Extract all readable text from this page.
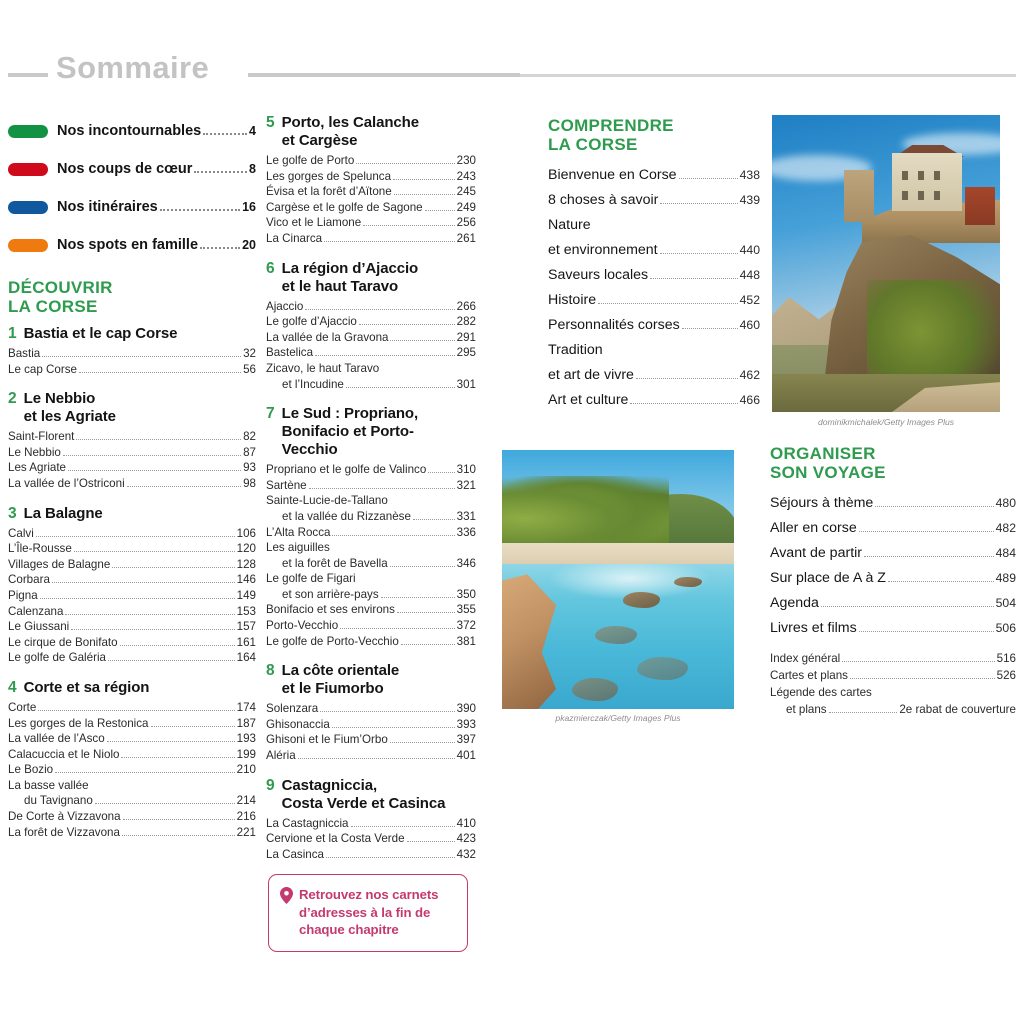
Sommaire
Nos incontournables	4
Nos coups de cœur	8
Nos itinéraires	16
Nos spots en famille	20
DÉCOUVRIR
LA CORSE
1 Bastia et le cap Corse
Bastia	32
Le cap Corse	56
2 Le Nebbio
et les Agriate
Saint-Florent	82
Le Nebbio	87
Les Agriate	93
La vallée de l’Ostriconi	98
3 La Balagne
Calvi	106
L’Île-Rousse	120
Villages de Balagne	128
Corbara	146
Pigna	149
Calenzana	153
Le Giussani	157
Le cirque de Bonifato	161
Le golfe de Galéria	164
4 Corte et sa région
Corte	174
Les gorges de la Restonica	187
La vallée de l’Asco	193
Calacuccia et le Niolo	199
Le Bozio	210
La basse vallée
du Tavignano	214
De Corte à Vizzavona	216
La forêt de Vizzavona	221
5 Porto, les Calanche
et Cargèse
Le golfe de Porto	230
Les gorges de Spelunca	243
Évisa et la forêt d’Aïtone	245
Cargèse et le golfe de Sagone	249
Vico et le Liamone	256
La Cinarca	261
6 La région d’Ajaccio
et le haut Taravo
Ajaccio	266
Le golfe d’Ajaccio	282
La vallée de la Gravona	291
Bastelica	295
Zicavo, le haut Taravo
et l’Incudine	301
7 Le Sud : Propriano,
Bonifacio et Porto-
Vecchio
Propriano et le golfe de Valinco	310
Sartène	321
Sainte-Lucie-de-Tallano
et la vallée du Rizzanèse	331
L’Alta Rocca	336
Les aiguilles
et la forêt de Bavella	346
Le golfe de Figari
et son arrière-pays	350
Bonifacio et ses environs	355
Porto-Vecchio	372
Le golfe de Porto-Vecchio	381
8 La côte orientale
et le Fiumorbo
Solenzara	390
Ghisonaccia	393
Ghisoni et le Fium’Orbo	397
Aléria	401
9 Castagniccia,
Costa Verde et Casinca
La Castagniccia	410
Cervione et la Costa Verde	423
La Casinca	432
COMPRENDRE
LA CORSE
Bienvenue en Corse	438
8 choses à savoir	439
Nature
et environnement	440
Saveurs locales	448
Histoire	452
Personnalités corses	460
Tradition
et art de vivre	462
Art et culture	466
ORGANISER
SON VOYAGE
Séjours à thème	480
Aller en corse	482
Avant de partir	484
Sur place de A à Z	489
Agenda	504
Livres et films	506
Index général	516
Cartes et plans	526
Légende des cartes
et plans	2e rabat de couverture
dominikmichalek/Getty Images Plus
pkazmierczak/Getty Images Plus
Retrouvez nos carnets
d’adresses à la fin de
chaque chapitre
